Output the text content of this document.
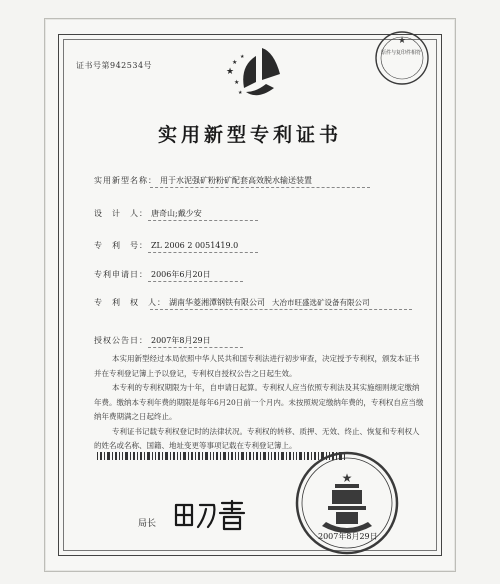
证书号第942534号
★
原件与复印件相符
★
★
★
★
★
实用新型专利证书
实用新型名称： 用于水泥强矿粉粉矿配套高效脱水输送装置
设　计　人： 唐奇山;戴少安
专　利　号： ZL 2006 2 0051419.0
专利申请日： 2006年6月20日
专　利　权　人： 湖南华菱湘潭钢铁有限公司 大冶市旺盛选矿设备有限公司
授权公告日： 2007年8月29日

本实用新型经过本局依照中华人民共和国专利法进行初步审查，决定授予专利权，颁发本证书并在专利登记簿上予以登记，专利权自授权公告之日起生效。

本专利的专利权期限为十年，自申请日起算。专利权人应当依照专利法及其实施细则规定缴纳年费。缴纳本专利年费的期限是每年6月20日前一个月内。未按照规定缴纳年费的，专利权自应当缴纳年费期满之日起终止。

专利证书记载专利权登记时的法律状况。专利权的转移、质押、无效、终止、恢复和专利权人的姓名或名称、国籍、地址变更等事项记载在专利登记簿上。

局长
★
2007年8月29日
